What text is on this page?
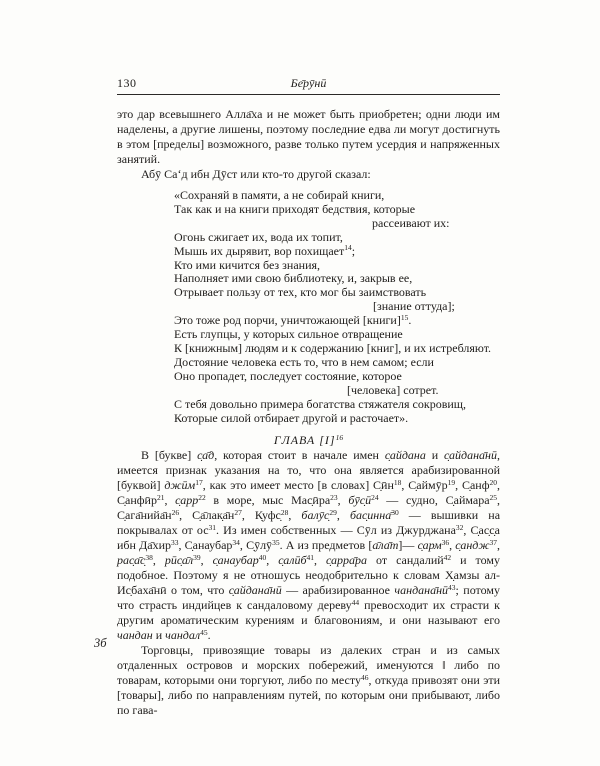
130	Бе̄рӯнӣ

это дар всевышнего Алла̄ха и не может быть приобретен; одни люди им наделены, а другие лишены, поэтому последние едва ли могут достигнуть в этом [пределы] возможного, разве только путем усердия и напряженных занятий.

Абӯ Са‘д ибн Дӯст или кто-то другой сказал:

«Сохраняй в памяти, а не собирай книги,
Так как и на книги приходят бедствия, которые
рассеивают их:
Огонь сжигает их, вода их топит,
Мышь их дырявит, вор похищает$^{14}$;
Кто ими кичится без знания,
Наполняет ими свою библиотеку, и, закрыв ее,
Отрывает пользу от тех, кто мог бы заимствовать
[знание оттуда];
Это тоже род порчи, уничтожающей [книги]$^{15}$.
Есть глупцы, у которых сильное отвращение
К [книжным] людям и к содержанию [книг], и их истребляют.
Достояние человека есть то, что в нем самом; если
Оно пропадет, последует состояние, которое
[человека] сотрет.
С тебя довольно примера богатства стяжателя сокровищ,
Которые силой отбирает другой и расточает».
ГЛАВА $[I]^{16}$

В [букве] с̣а̄д, которая стоит в начале имен с̣айдана и с̣айдана̄нӣ, имеется признак указания на то, что она является арабизированной [буквой] джӣм$^{17}$, как это имеет место [в словах] $С̣ӣн^{18}$, С̣аймӯр$^{19}$, С̣анф$^{20}$, С̣анфӣр$^{21}$, с̣арр$^{22}$ в море, мыс Мас̣ӣра$^{23}$, $бӯс̣ӣ^{24}$ — судно, С̣аймара$^{25}$, $С̣ага̄нийа̄н^{26}$, $С̣а̄лак̣а̄н^{27}$, К̣уфс̣$^{28}$, балӯс̣$^{29}$, бас̣инна̄$^{30}$ — вышивки на покрывалах от $ос^{31}$. Из имен собственных — Сӯл из Джурджана$^{32}$, С̣ас̣с̣а ибн Да̄хир$^{33}$, С̣анаубар$^{34}$, С̣ӯлӯ$^{35}$. А из предметов [а̄ла̄т]— с̣арм$^{36}$, с̣андж$^{37}$, рас̣а̄с̣$^{38}$, $рӣс̣а̄л^{39}$, с̣анаубар$^{40}$, с̣алӣб$^{41}$, с̣арра̄ра от сандалий$^{42}$ и тому подобное. Поэтому я не отношусь неодобрительно к словам Х̣амзы ал-Ис̣баха̄нӣ о том, что с̣айдана̄нӣ — арабизированное $чандана̄нӣ^{43}$; потому что страсть индийцев к сандаловому дереву$^{44}$ превосходит их страсти к другим ароматическим курениям и благовониям, и они называют его чандан и чандал$^{45}$.

Торговцы, привозящие товары из далеких стран и из самых отдаленных островов и морских побережий, именуются ‖ либо по товарам, которыми они торгуют, либо по месту$^{46}$, откуда привозят они эти [товары], либо по направлениям путей, по которым они прибывают, либо по гава-

3б
